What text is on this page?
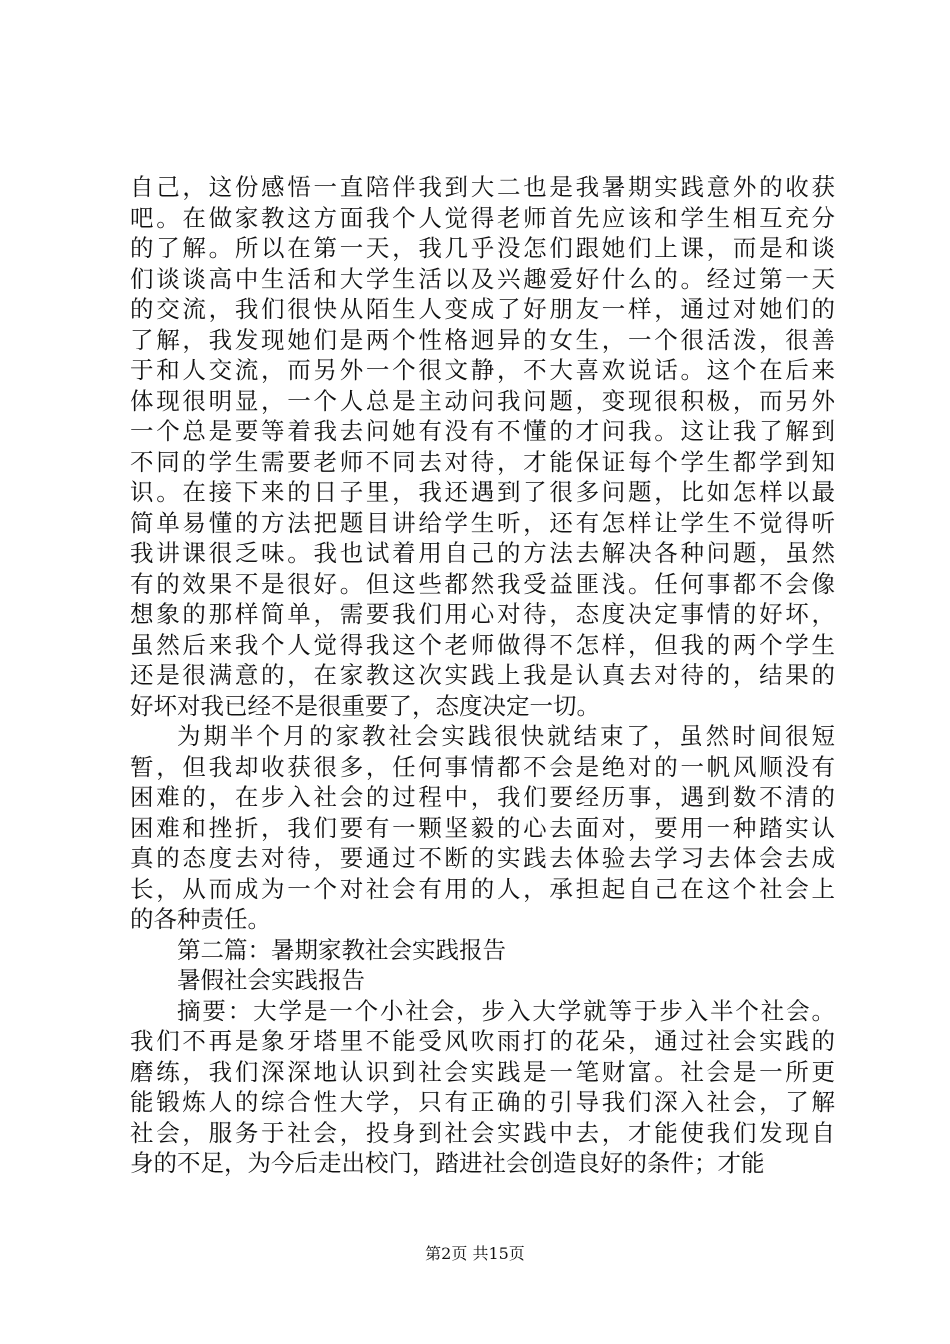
自己，这份感悟一直陪伴我到大二也是我暑期实践意外的收获
吧。在做家教这方面我个人觉得老师首先应该和学生相互充分
的了解。所以在第一天，我几乎没怎们跟她们上课，而是和谈
们谈谈高中生活和大学生活以及兴趣爱好什么的。经过第一天
的交流，我们很快从陌生人变成了好朋友一样，通过对她们的
了解，我发现她们是两个性格迥异的女生，一个很活泼，很善
于和人交流，而另外一个很文静，不大喜欢说话。这个在后来
体现很明显，一个人总是主动问我问题，变现很积极，而另外
一个总是要等着我去问她有没有不懂的才问我。这让我了解到
不同的学生需要老师不同去对待，才能保证每个学生都学到知
识。在接下来的日子里，我还遇到了很多问题，比如怎样以最
简单易懂的方法把题目讲给学生听，还有怎样让学生不觉得听
我讲课很乏味。我也试着用自己的方法去解决各种问题，虽然
有的效果不是很好。但这些都然我受益匪浅。任何事都不会像
想象的那样简单，需要我们用心对待，态度决定事情的好坏，
虽然后来我个人觉得我这个老师做得不怎样，但我的两个学生
还是很满意的，在家教这次实践上我是认真去对待的，结果的
好坏对我已经不是很重要了，态度决定一切。
为期半个月的家教社会实践很快就结束了，虽然时间很短
暂，但我却收获很多，任何事情都不会是绝对的一帆风顺没有
困难的，在步入社会的过程中，我们要经历事，遇到数不清的
困难和挫折，我们要有一颗坚毅的心去面对，要用一种踏实认
真的态度去对待，要通过不断的实践去体验去学习去体会去成
长，从而成为一个对社会有用的人，承担起自己在这个社会上
的各种责任。
第二篇：暑期家教社会实践报告
暑假社会实践报告
摘要：大学是一个小社会，步入大学就等于步入半个社会。
我们不再是象牙塔里不能受风吹雨打的花朵，通过社会实践的
磨练，我们深深地认识到社会实践是一笔财富。社会是一所更
能锻炼人的综合性大学，只有正确的引导我们深入社会，了解
社会，服务于社会，投身到社会实践中去，才能使我们发现自
身的不足，为今后走出校门，踏进社会创造良好的条件；才能
第2页 共15页
